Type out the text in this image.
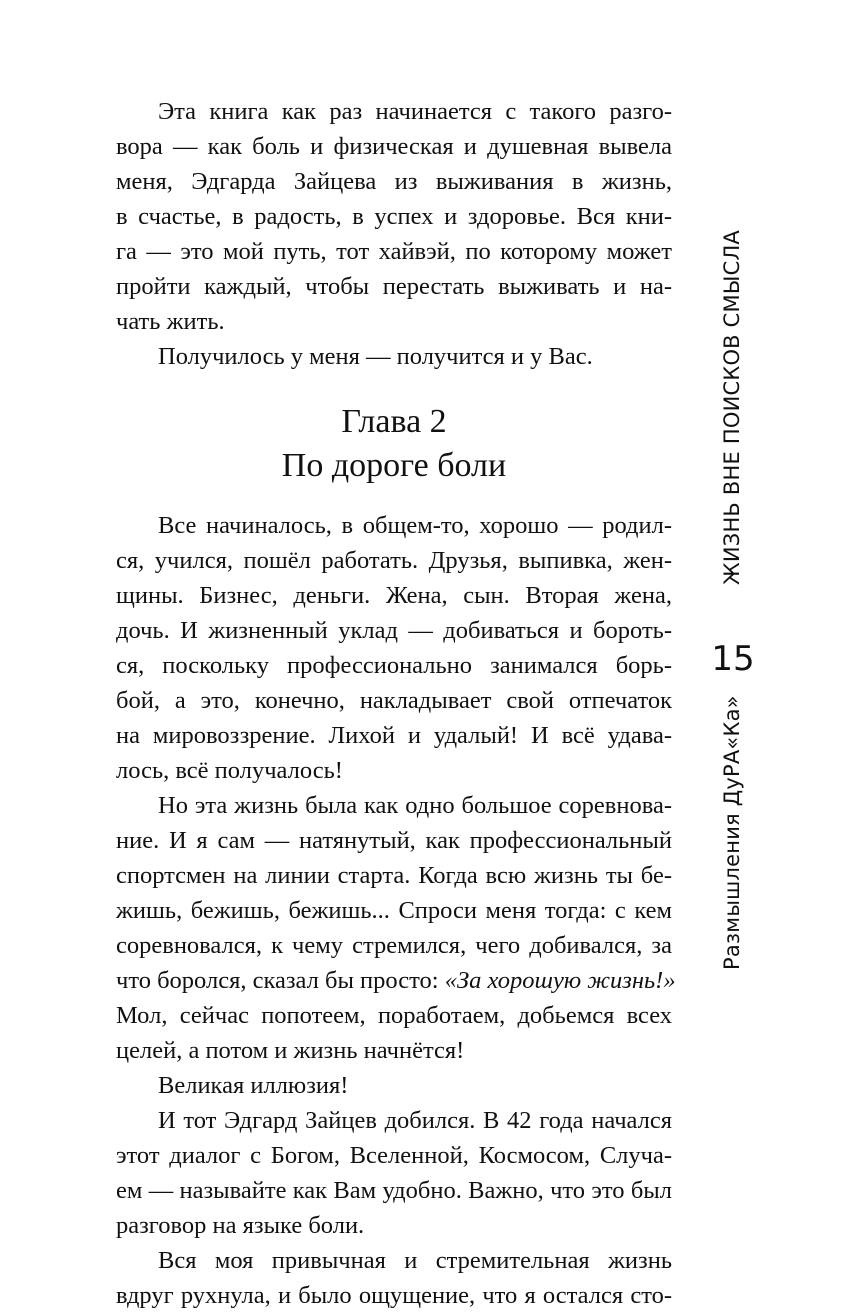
Эта книга как раз начинается с такого разго-
вора — как боль и физическая и душевная вывела
меня, Эдгарда Зайцева из выживания в жизнь,
в счастье, в радость, в успех и здоровье. Вся кни-
га — это мой путь, тот хайвэй, по которому может
пройти каждый, чтобы перестать выживать и на-
чать жить.
Получилось у меня — получится и у Вас.
Глава 2
По дороге боли
Все начиналось, в общем-то, хорошо — родил-
ся, учился, пошёл работать. Друзья, выпивка, жен-
щины. Бизнес, деньги. Жена, сын. Вторая жена,
дочь. И жизненный уклад — добиваться и бороть-
ся, поскольку профессионально занимался борь-
бой, а это, конечно, накладывает свой отпечаток
на мировоззрение. Лихой и удалый! И всё удава-
лось, всё получалось!
Но эта жизнь была как одно большое соревнова-
ние. И я сам — натянутый, как профессиональный
спортсмен на линии старта. Когда всю жизнь ты бе-
жишь, бежишь, бежишь... Спроси меня тогда: с кем
соревновался, к чему стремился, чего добивался, за
что боролся, сказал бы просто: «За хорошую жизнь!»
Мол, сейчас попотеем, поработаем, добьемся всех
целей, а потом и жизнь начнётся!
Великая иллюзия!
И тот Эдгард Зайцев добился. В 42 года начался
этот диалог с Богом, Вселенной, Космосом, Случа-
ем — называйте как Вам удобно. Важно, что это был
разговор на языке боли.
Вся моя привычная и стремительная жизнь
вдруг рухнула, и было ощущение, что я остался сто-
Размышления ДуРА«Ка»
ЖИЗНЬ ВНЕ ПОИСКОВ СМЫСЛА
15
